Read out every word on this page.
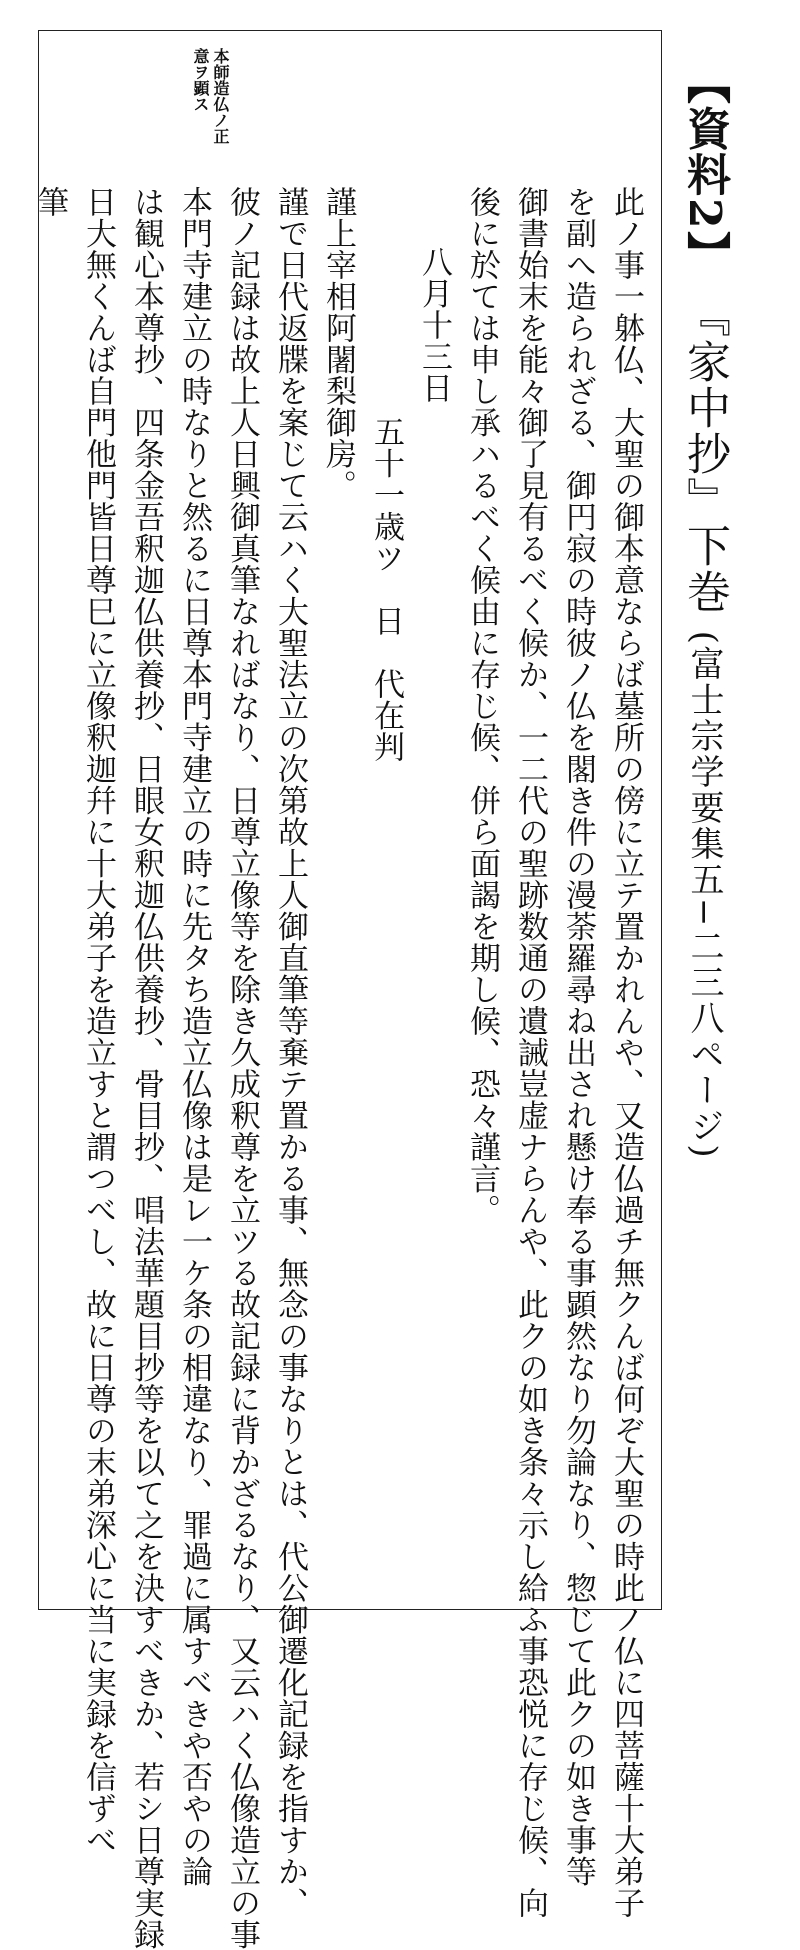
【資料2】 『家中抄』下巻 (富士宗学要集五−二三八ページ)
本師造仏ノ正
意ヲ顕ス

此ノ事一躰仏、大聖の御本意ならば墓所の傍に立テ置かれんや、又造仏過チ無クんば何ぞ大聖の時此ノ仏に四菩薩十大弟子

を副へ造られざる、御円寂の時彼ノ仏を閣き件の漫荼羅尋ね出され懸け奉る事顕然なり勿論なり、惣じて此クの如き事等

御書始末を能々御了見有るべく候か、一二代の聖跡数通の遺誡豈虚ナらんや、此クの如き条々示し給ふ事恐悦に存じ候、向

後に於ては申し承ハるべく候由に存じ候、併ら面謁を期し候、恐々謹言。

八月十三日

五十一歳ツ　日　代在判

謹上宰相阿闍梨御房。

謹で日代返牒を案じて云ハく大聖法立の次第故上人御直筆等棄テ置かる事、無念の事なりとは、代公御遷化記録を指すか、

彼ノ記録は故上人日興御真筆なればなり、日尊立像等を除き久成釈尊を立ツる故記録に背かざるなり、又云ハく仏像造立の事

本門寺建立の時なりと然るに日尊本門寺建立の時に先タち造立仏像は是レ一ケ条の相違なり、罪過に属すべきや否やの論

は観心本尊抄、四条金吾釈迦仏供養抄、日眼女釈迦仏供養抄、骨目抄、唱法華題目抄等を以て之を決すべきか、若シ日尊実録

日大無くんば自門他門皆日尊巳に立像釈迦幷に十大弟子を造立すと謂つべし、故に日尊の末弟深心に当に実録を信ずべ

筆
